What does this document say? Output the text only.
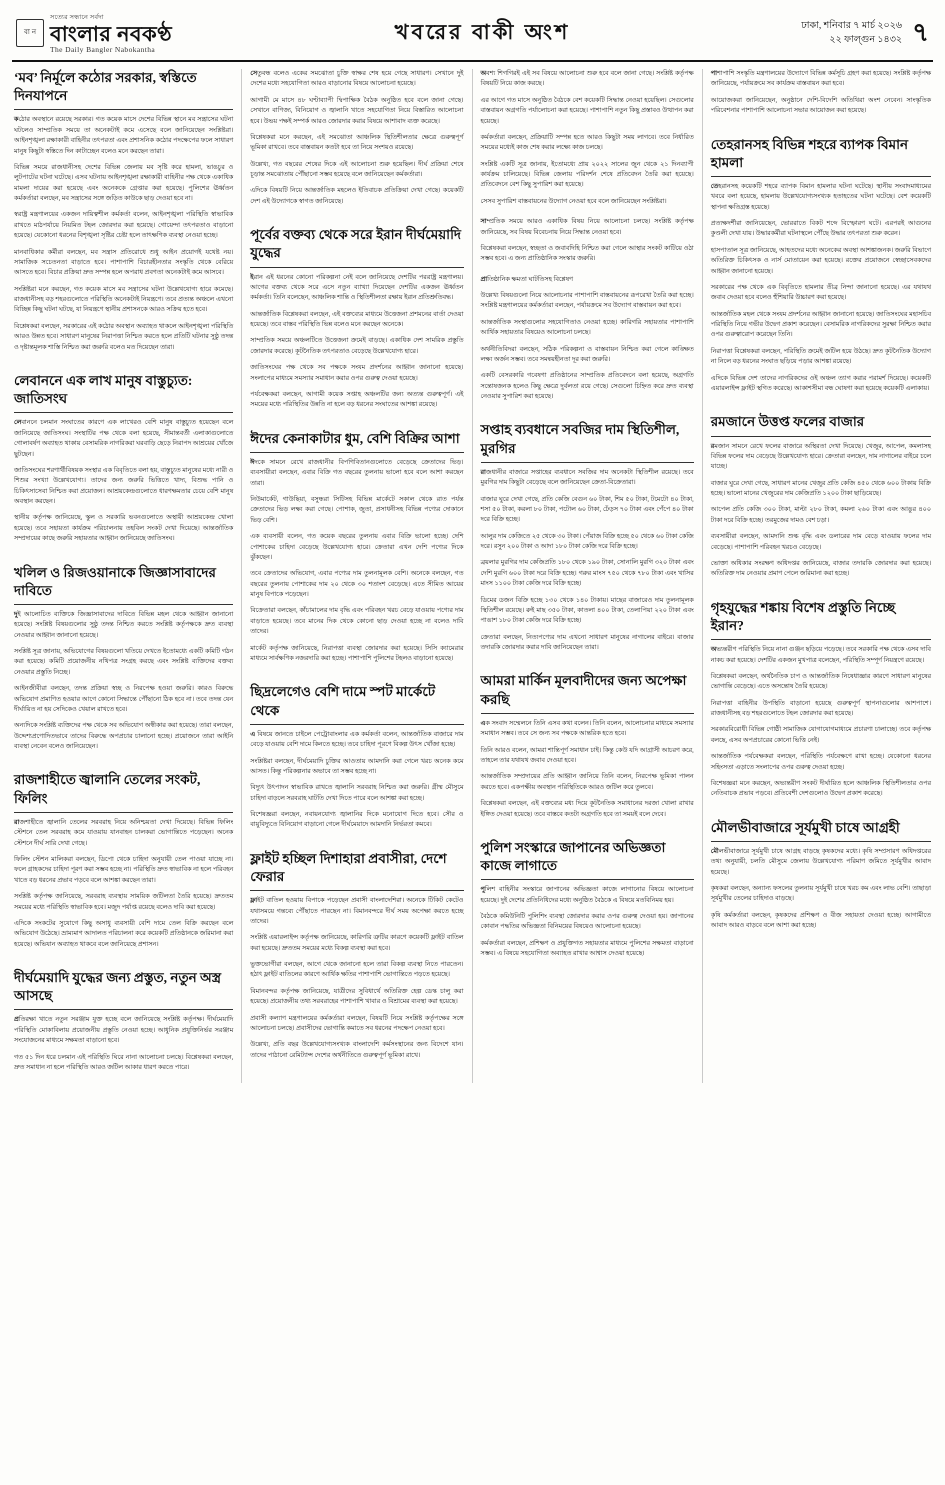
বা ন
সত্যের সন্ধানে সর্বদা
বাংলার নবকণ্ঠ
The Daily Bangler Nabokantha
খবরের বাকী অংশ	ঢাকা, শনিবার ৭ মার্চ ২০২৬
২২ ফাল্গুন ১৪৩২ ৭
‘মব’ নির্মূলে কঠোর সরকার, স্বস্তিতে দিনযাপনে

কঠোর অবস্থানে রয়েছে সরকার। গত কয়েক মাসে দেশের বিভিন্ন স্থানে মব সন্ত্রাসের ঘটনা ঘটলেও সাম্প্রতিক সময়ে তা অনেকটাই কমে এসেছে বলে জানিয়েছেন সংশ্লিষ্টরা। আইনশৃঙ্খলা রক্ষাকারী বাহিনীর তৎপরতা এবং প্রশাসনিক কঠোর পদক্ষেপের ফলে সাধারণ মানুষ কিছুটা স্বস্তিতে দিন কাটাচ্ছেন বলেও মনে করছেন তারা।

বিভিন্ন সময়ে রাজধানীসহ দেশের বিভিন্ন জেলায় মব সৃষ্টি করে হামলা, ভাঙচুর ও লুটপাটের ঘটনা ঘটেছে। এসব ঘটনায় আইনশৃঙ্খলা রক্ষাকারী বাহিনীর পক্ষ থেকে একাধিক মামলা দায়ের করা হয়েছে এবং অনেককে গ্রেপ্তার করা হয়েছে। পুলিশের ঊর্ধ্বতন কর্মকর্তারা বলছেন, মব সন্ত্রাসের সঙ্গে জড়িত কাউকে ছাড় দেওয়া হবে না।

স্বরাষ্ট্র মন্ত্রণালয়ের একজন দায়িত্বশীল কর্মকর্তা বলেন, আইনশৃঙ্খলা পরিস্থিতি স্বাভাবিক রাখতে মাঠপর্যায়ে নিয়মিত টহল জোরদার করা হয়েছে। গোয়েন্দা তৎপরতাও বাড়ানো হয়েছে। যেকোনো ধরনের বিশৃঙ্খলা সৃষ্টির চেষ্টা হলে তাৎক্ষণিক ব্যবস্থা নেওয়া হচ্ছে।

মানবাধিকার কর্মীরা বলছেন, মব সন্ত্রাস প্রতিরোধে শুধু আইন প্রয়োগই যথেষ্ট নয়। সামাজিক সচেতনতা বাড়াতে হবে। পাশাপাশি বিচারহীনতার সংস্কৃতি থেকে বেরিয়ে আসতে হবে। বিচার প্রক্রিয়া দ্রুত সম্পন্ন হলে অপরাধ প্রবণতা অনেকটাই কমে আসবে।

সংশ্লিষ্টরা মনে করছেন, গত কয়েক মাসে মব সন্ত্রাসের ঘটনা উল্লেখযোগ্য হারে কমেছে। রাজধানীসহ বড় শহরগুলোতে পরিস্থিতি অনেকটাই নিয়ন্ত্রণে। তবে প্রত্যন্ত অঞ্চলে এখনো বিচ্ছিন্ন কিছু ঘটনা ঘটছে, যা নিয়ন্ত্রণে স্থানীয় প্রশাসনকে আরও সক্রিয় হতে হবে।

বিশ্লেষকরা বলছেন, সরকারের এই কঠোর অবস্থান অব্যাহত থাকলে আইনশৃঙ্খলা পরিস্থিতি আরও উন্নত হবে। সাধারণ মানুষের নিরাপত্তা নিশ্চিত করতে হলে প্রতিটি ঘটনার সুষ্ঠু তদন্ত ও দৃষ্টান্তমূলক শাস্তি নিশ্চিত করা জরুরি বলেও মত দিয়েছেন তারা।

লেবাননে এক লাখ মানুষ বাস্তুচ্যুত: জাতিসংঘ

লেবাননে চলমান সংঘাতের কারণে এক লাখেরও বেশি মানুষ বাস্তুচ্যুত হয়েছেন বলে জানিয়েছে জাতিসংঘ। সংস্থাটির পক্ষ থেকে বলা হয়েছে, সীমান্তবর্তী এলাকাগুলোতে গোলাবর্ষণ অব্যাহত থাকায় বেসামরিক নাগরিকরা ঘরবাড়ি ছেড়ে নিরাপদ আশ্রয়ের খোঁজে ছুটছেন।

জাতিসংঘের শরণার্থীবিষয়ক সংস্থার এক বিবৃতিতে বলা হয়, বাস্তুচ্যুত মানুষের মধ্যে নারী ও শিশুর সংখ্যা উল্লেখযোগ্য। তাদের জন্য জরুরি ভিত্তিতে খাদ্য, বিশুদ্ধ পানি ও চিকিৎসাসেবা নিশ্চিত করা প্রয়োজন। আশ্রয়কেন্দ্রগুলোতে ধারণক্ষমতার চেয়ে বেশি মানুষ অবস্থান করছেন।

স্থানীয় কর্তৃপক্ষ জানিয়েছে, স্কুল ও সরকারি ভবনগুলোতে অস্থায়ী আশ্রয়কেন্দ্র খোলা হয়েছে। তবে সহায়তা কার্যক্রম পরিচালনায় তহবিল সংকট দেখা দিয়েছে। আন্তর্জাতিক সম্প্রদায়ের কাছে জরুরি সহায়তার আহ্বান জানিয়েছে জাতিসংঘ।

খলিল ও রিজওয়ানাকে জিজ্ঞাসাবাদের দাবিতে

দুই আলোচিত ব্যক্তিকে জিজ্ঞাসাবাদের দাবিতে বিভিন্ন মহল থেকে আহ্বান জানানো হয়েছে। সংশ্লিষ্ট বিষয়গুলোর সুষ্ঠু তদন্ত নিশ্চিত করতে সংশ্লিষ্ট কর্তৃপক্ষকে দ্রুত ব্যবস্থা নেওয়ার আহ্বান জানানো হয়েছে।

সংশ্লিষ্ট সূত্র জানায়, অভিযোগের বিষয়গুলো খতিয়ে দেখতে ইতোমধ্যে একটি কমিটি গঠন করা হয়েছে। কমিটি প্রয়োজনীয় নথিপত্র সংগ্রহ করছে এবং সংশ্লিষ্ট ব্যক্তিদের বক্তব্য নেওয়ার প্রস্তুতি নিচ্ছে।

আইনজীবীরা বলছেন, তদন্ত প্রক্রিয়া স্বচ্ছ ও নিরপেক্ষ হওয়া জরুরি। কারও বিরুদ্ধে অভিযোগ প্রমাণিত হওয়ার আগে কোনো সিদ্ধান্তে পৌঁছানো ঠিক হবে না। তবে তদন্ত যেন দীর্ঘায়িত না হয় সেদিকেও খেয়াল রাখতে হবে।

অন্যদিকে সংশ্লিষ্ট ব্যক্তিদের পক্ষ থেকে সব অভিযোগ অস্বীকার করা হয়েছে। তারা বলছেন, উদ্দেশ্যপ্রণোদিতভাবে তাদের বিরুদ্ধে অপপ্রচার চালানো হচ্ছে। প্রয়োজনে তারা আইনি ব্যবস্থা নেবেন বলেও জানিয়েছেন।

রাজশাহীতে জ্বালানি তেলের সংকট, ফিলিং

রাজশাহীতে জ্বালানি তেলের সরবরাহ নিয়ে অনিশ্চয়তা দেখা দিয়েছে। বিভিন্ন ফিলিং স্টেশনে তেল সরবরাহ কমে যাওয়ায় যানবাহন চালকরা ভোগান্তিতে পড়েছেন। অনেক স্টেশনে দীর্ঘ সারি দেখা গেছে।

ফিলিং স্টেশন মালিকরা বলছেন, ডিপো থেকে চাহিদা অনুযায়ী তেল পাওয়া যাচ্ছে না। ফলে গ্রাহকদের চাহিদা পূরণ করা সম্ভব হচ্ছে না। পরিস্থিতি দ্রুত স্বাভাবিক না হলে পরিবহন খাতে বড় ধরনের প্রভাব পড়বে বলে আশঙ্কা করছেন তারা।

সংশ্লিষ্ট কর্তৃপক্ষ জানিয়েছে, সরবরাহ ব্যবস্থায় সাময়িক জটিলতা তৈরি হয়েছে। দ্রুততম সময়ের মধ্যে পরিস্থিতি স্বাভাবিক হবে। মজুদ পর্যাপ্ত রয়েছে বলেও দাবি করা হয়েছে।

এদিকে সংকটের সুযোগে কিছু অসাধু ব্যবসায়ী বেশি দামে তেল বিক্রি করছেন বলে অভিযোগ উঠেছে। ভ্রাম্যমাণ আদালত পরিচালনা করে কয়েকটি প্রতিষ্ঠানকে জরিমানা করা হয়েছে। অভিযান অব্যাহত থাকবে বলে জানিয়েছে প্রশাসন।

দীর্ঘমেয়াদি যুদ্ধের জন্য প্রস্তুত, নতুন অস্ত্র আসছে

প্রতিরক্ষা খাতে নতুন সরঞ্জাম যুক্ত হচ্ছে বলে জানিয়েছে সংশ্লিষ্ট কর্তৃপক্ষ। দীর্ঘমেয়াদি পরিস্থিতি মোকাবিলায় প্রয়োজনীয় প্রস্তুতি নেওয়া হচ্ছে। আধুনিক প্রযুক্তিনির্ভর সরঞ্জাম সংযোজনের মাধ্যমে সক্ষমতা বাড়ানো হবে।

গত ৫১ দিন ধরে চলমান এই পরিস্থিতি ঘিরে নানা আলোচনা চলছে। বিশ্লেষকরা বলছেন, দ্রুত সমাধান না হলে পরিস্থিতি আরও জটিল আকার ধারণ করতে পারে।

সেতুবন্ধ বলেও একের সমঝোতা চুক্তি স্বাক্ষর শেষ হয়ে গেছে সাধারণ। সেখানে দুই দেশের মধ্যে সহযোগিতা আরও বাড়ানোর বিষয়ে আলোচনা হয়েছে।

আগামী মে মাসে ৪৮ ঘণ্টাব্যাপী দ্বিপাক্ষিক বৈঠক অনুষ্ঠিত হবে বলে জানা গেছে। সেখানে বাণিজ্য, বিনিয়োগ ও জ্বালানি খাতে সহযোগিতা নিয়ে বিস্তারিত আলোচনা হবে। উভয় পক্ষই সম্পর্ক আরও জোরদার করার বিষয়ে আশাবাদ ব্যক্ত করেছে।

বিশ্লেষকরা মনে করছেন, এই সমঝোতা আঞ্চলিক স্থিতিশীলতার ক্ষেত্রে গুরুত্বপূর্ণ ভূমিকা রাখবে। তবে বাস্তবায়ন কতটা হবে তা নিয়ে সংশয়ও রয়েছে।

উল্লেখ্য, গত বছরের শেষের দিকে এই আলোচনা শুরু হয়েছিল। দীর্ঘ প্রক্রিয়া শেষে চূড়ান্ত সমঝোতায় পৌঁছানো সম্ভব হয়েছে বলে জানিয়েছেন কর্মকর্তারা।

এদিকে বিষয়টি নিয়ে আন্তর্জাতিক মহলেও ইতিবাচক প্রতিক্রিয়া দেখা গেছে। কয়েকটি দেশ এই উদ্যোগকে স্বাগত জানিয়েছে।

পূর্বের বক্তব্য থেকে সরে ইরান দীর্ঘমেয়াদি যুদ্ধের

ইরান এই ধরনের কোনো পরিকল্পনা নেই বলে জানিয়েছে দেশটির পররাষ্ট্র মন্ত্রণালয়। আগের বক্তব্য থেকে সরে এসে নতুন ব্যাখ্যা দিয়েছেন দেশটির একজন ঊর্ধ্বতন কর্মকর্তা। তিনি বলেছেন, আঞ্চলিক শান্তি ও স্থিতিশীলতা রক্ষায় ইরান প্রতিশ্রুতিবদ্ধ।

আন্তর্জাতিক বিশ্লেষকরা বলছেন, এই বক্তব্যের মাধ্যমে উত্তেজনা প্রশমনের বার্তা দেওয়া হয়েছে। তবে বাস্তব পরিস্থিতি ভিন্ন বলেও মনে করছেন অনেকে।

সাম্প্রতিক সময়ে অঞ্চলটিতে উত্তেজনা ক্রমেই বাড়ছে। একাধিক দেশ সামরিক প্রস্তুতি জোরদার করেছে। কূটনৈতিক তৎপরতাও বেড়েছে উল্লেখযোগ্য হারে।

জাতিসংঘের পক্ষ থেকে সব পক্ষকে সংযম প্রদর্শনের আহ্বান জানানো হয়েছে। সংলাপের মাধ্যমে সমস্যার সমাধান করার ওপর গুরুত্ব দেওয়া হয়েছে।

পর্যবেক্ষকরা বলছেন, আগামী কয়েক সপ্তাহ অঞ্চলটির জন্য অত্যন্ত গুরুত্বপূর্ণ। এই সময়ের মধ্যে পরিস্থিতির উন্নতি না হলে বড় ধরনের সংঘাতের আশঙ্কা রয়েছে।

ঈদের কেনাকাটার ধুম, বেশি বিক্রির আশা

ঈদকে সামনে রেখে রাজধানীর বিপণিবিতানগুলোতে বেড়েছে ক্রেতাদের ভিড়। ব্যবসায়ীরা বলছেন, এবার বিক্রি গত বছরের তুলনায় ভালো হবে বলে আশা করছেন তারা।

নিউমার্কেট, গাউছিয়া, বসুন্ধরা সিটিসহ বিভিন্ন মার্কেটে সকাল থেকে রাত পর্যন্ত ক্রেতাদের ভিড় লক্ষ্য করা গেছে। পোশাক, জুতা, প্রসাধনীসহ বিভিন্ন পণ্যের দোকানে ভিড় বেশি।

এক ব্যবসায়ী বলেন, গত কয়েক বছরের তুলনায় এবার বিক্রি ভালো হচ্ছে। দেশি পোশাকের চাহিদা বেড়েছে উল্লেখযোগ্য হারে। ক্রেতারা এখন দেশি পণ্যের দিকে ঝুঁকছেন।

তবে ক্রেতাদের অভিযোগ, এবার পণ্যের দাম তুলনামূলক বেশি। অনেকে বলছেন, গত বছরের তুলনায় পোশাকের দাম ২০ থেকে ৩০ শতাংশ বেড়েছে। এতে সীমিত আয়ের মানুষ বিপাকে পড়েছেন।

বিক্রেতারা বলছেন, কাঁচামালের দাম বৃদ্ধি এবং পরিবহন খরচ বেড়ে যাওয়ায় পণ্যের দাম বাড়াতে হয়েছে। তবে মানের দিক থেকে কোনো ছাড় দেওয়া হচ্ছে না বলেও দাবি তাদের।

মার্কেট কর্তৃপক্ষ জানিয়েছে, নিরাপত্তা ব্যবস্থা জোরদার করা হয়েছে। সিসি ক্যামেরার মাধ্যমে সার্বক্ষণিক নজরদারি করা হচ্ছে। পাশাপাশি পুলিশের টহলও বাড়ানো হয়েছে।

ছিদ্রলেগেও বেশি দামে স্পট মার্কেটে থেকে

এ বিষয়ে জানতে চাইলে পেট্রোবাংলার এক কর্মকর্তা বলেন, আন্তর্জাতিক বাজারে দাম বেড়ে যাওয়ায় বেশি দামে কিনতে হচ্ছে। তবে চাহিদা পূরণে বিকল্প উৎস খোঁজা হচ্ছে।

সংশ্লিষ্টরা বলছেন, দীর্ঘমেয়াদি চুক্তির আওতায় আমদানি করা গেলে খরচ অনেক কমে আসত। কিন্তু পরিকল্পনার অভাবে তা সম্ভব হচ্ছে না।

বিদ্যুৎ উৎপাদন স্বাভাবিক রাখতে জ্বালানি সরবরাহ নিশ্চিত করা জরুরি। গ্রীষ্ম মৌসুমে চাহিদা বাড়লে সরবরাহ ঘাটতি দেখা দিতে পারে বলে আশঙ্কা করা হচ্ছে।

বিশেষজ্ঞরা বলছেন, নবায়নযোগ্য জ্বালানির দিকে মনোযোগ দিতে হবে। সৌর ও বায়ুবিদ্যুতে বিনিয়োগ বাড়ানো গেলে দীর্ঘমেয়াদে আমদানি নির্ভরতা কমবে।

ফ্লাইট হচ্ছিল দিশাহারা প্রবাসীরা, দেশে ফেরার

ফ্লাইট বাতিল হওয়ায় বিপাকে পড়েছেন প্রবাসী বাংলাদেশিরা। অনেকে টিকিট কেটেও যথাসময়ে গন্তব্যে পৌঁছাতে পারছেন না। বিমানবন্দরে দীর্ঘ সময় অপেক্ষা করতে হচ্ছে তাদের।

সংশ্লিষ্ট এয়ারলাইন্স কর্তৃপক্ষ জানিয়েছে, কারিগরি ত্রুটির কারণে কয়েকটি ফ্লাইট বাতিল করা হয়েছে। দ্রুততম সময়ের মধ্যে বিকল্প ব্যবস্থা করা হবে।

ভুক্তভোগীরা বলছেন, আগে থেকে জানানো হলে তারা বিকল্প ব্যবস্থা নিতে পারতেন। হঠাৎ ফ্লাইট বাতিলের কারণে আর্থিক ক্ষতির পাশাপাশি ভোগান্তিতে পড়তে হয়েছে।

বিমানবন্দর কর্তৃপক্ষ জানিয়েছে, যাত্রীদের সুবিধার্থে অতিরিক্ত হেল্প ডেস্ক চালু করা হয়েছে। প্রয়োজনীয় তথ্য সরবরাহের পাশাপাশি খাবার ও বিশ্রামের ব্যবস্থা করা হয়েছে।

প্রবাসী কল্যাণ মন্ত্রণালয়ের কর্মকর্তারা বলছেন, বিষয়টি নিয়ে সংশ্লিষ্ট কর্তৃপক্ষের সঙ্গে আলোচনা চলছে। প্রবাসীদের ভোগান্তি কমাতে সব ধরনের পদক্ষেপ নেওয়া হবে।

উল্লেখ্য, প্রতি বছর উল্লেখযোগ্যসংখ্যক বাংলাদেশি কর্মসংস্থানের জন্য বিদেশে যান। তাদের পাঠানো রেমিট্যান্স দেশের অর্থনীতিতে গুরুত্বপূর্ণ ভূমিকা রাখে।

অবশ্য শিগগিরই এই সব বিষয়ে আলোচনা শুরু হবে বলে জানা গেছে। সংশ্লিষ্ট কর্তৃপক্ষ বিষয়টি নিয়ে কাজ করছে।

এর আগে গত মাসে অনুষ্ঠিত বৈঠকে বেশ কয়েকটি সিদ্ধান্ত নেওয়া হয়েছিল। সেগুলোর বাস্তবায়ন অগ্রগতি পর্যালোচনা করা হয়েছে। পাশাপাশি নতুন কিছু প্রস্তাবও উত্থাপন করা হয়েছে।

কর্মকর্তারা বলছেন, প্রক্রিয়াটি সম্পন্ন হতে আরও কিছুটা সময় লাগবে। তবে নির্ধারিত সময়ের মধ্যেই কাজ শেষ করার লক্ষ্যে কাজ চলছে।

সংশ্লিষ্ট একটি সূত্র জানায়, ইতোমধ্যে প্রায় ২০২২ সালের জুন থেকে ২১ দিনব্যাপী কার্যক্রম চালিয়েছে। বিভিন্ন জেলায় পরিদর্শন শেষে প্রতিবেদন তৈরি করা হয়েছে। প্রতিবেদনে বেশ কিছু সুপারিশ করা হয়েছে।

সেসব সুপারিশ বাস্তবায়নের উদ্যোগ নেওয়া হবে বলে জানিয়েছেন সংশ্লিষ্টরা।

সাম্প্রতিক সময়ে আরও একাধিক বিষয় নিয়ে আলোচনা চলছে। সংশ্লিষ্ট কর্তৃপক্ষ জানিয়েছে, সব বিষয় বিবেচনায় নিয়ে সিদ্ধান্ত নেওয়া হবে।

বিশ্লেষকরা বলছেন, স্বচ্ছতা ও জবাবদিহি নিশ্চিত করা গেলে আস্থার সংকট কাটিয়ে ওঠা সম্ভব হবে। এ জন্য প্রাতিষ্ঠানিক সংস্কার জরুরি।

প্রাতিষ্ঠানিক ক্ষমতা ঘাটতিসহ বিশ্লেষণ

উল্লেখ্য বিষয়গুলো নিয়ে আলোচনার পাশাপাশি বাস্তবায়নের রূপরেখা তৈরি করা হচ্ছে। সংশ্লিষ্ট মন্ত্রণালয়ের কর্মকর্তারা বলছেন, পর্যায়ক্রমে সব উদ্যোগ বাস্তবায়ন করা হবে।

আন্তর্জাতিক সংস্থাগুলোর সহযোগিতাও নেওয়া হচ্ছে। কারিগরি সহায়তার পাশাপাশি আর্থিক সহায়তার বিষয়েও আলোচনা চলছে।

অর্থনীতিবিদরা বলছেন, সঠিক পরিকল্পনা ও বাস্তবায়ন নিশ্চিত করা গেলে কাঙ্ক্ষিত লক্ষ্য অর্জন সম্ভব। তবে সমন্বয়হীনতা দূর করা জরুরি।

একটি বেসরকারি গবেষণা প্রতিষ্ঠানের সাম্প্রতিক প্রতিবেদনে বলা হয়েছে, অগ্রগতি সন্তোষজনক হলেও কিছু ক্ষেত্রে দুর্বলতা রয়ে গেছে। সেগুলো চিহ্নিত করে দ্রুত ব্যবস্থা নেওয়ার সুপারিশ করা হয়েছে।

সপ্তাহ ব্যবধানে সবজির দাম স্থিতিশীল, মুরগির

রাজধানীর বাজারে সপ্তাহের ব্যবধানে সবজির দাম অনেকটা স্থিতিশীল রয়েছে। তবে মুরগির দাম কিছুটা বেড়েছে বলে জানিয়েছেন ক্রেতা-বিক্রেতারা।

বাজার ঘুরে দেখা গেছে, প্রতি কেজি বেগুন ৬০ টাকা, শিম ৫০ টাকা, টমেটো ৪০ টাকা, শসা ৫০ টাকা, করলা ৮০ টাকা, পটোল ৬০ টাকা, ঢেঁড়স ৭০ টাকা এবং পেঁপে ৪০ টাকা দরে বিক্রি হচ্ছে।

আলুর দাম কেজিতে ২৫ থেকে ৩০ টাকা। পেঁয়াজ বিক্রি হচ্ছে ৫০ থেকে ৬০ টাকা কেজি দরে। রসুন ২০০ টাকা ও আদা ১৮০ টাকা কেজি দরে বিক্রি হচ্ছে।

ব্রয়লার মুরগির দাম কেজিপ্রতি ১৮০ থেকে ১৯০ টাকা, সোনালি মুরগি ৩২০ টাকা এবং দেশি মুরগি ৬০০ টাকা দরে বিক্রি হচ্ছে। গরুর মাংস ৭৫০ থেকে ৭৮০ টাকা এবং খাসির মাংস ১১০০ টাকা কেজি দরে বিক্রি হচ্ছে।

ডিমের ডজন বিক্রি হচ্ছে ১৩০ থেকে ১৪০ টাকায়। মাছের বাজারেও দাম তুলনামূলক স্থিতিশীল রয়েছে। রুই মাছ ৩৫০ টাকা, কাতলা ৪০০ টাকা, তেলাপিয়া ২২০ টাকা এবং পাঙাশ ১৮০ টাকা কেজি দরে বিক্রি হচ্ছে।

ক্রেতারা বলছেন, নিত্যপণ্যের দাম এখনো সাধারণ মানুষের নাগালের বাইরে। বাজার তদারকি জোরদার করার দাবি জানিয়েছেন তারা।

আমরা মার্কিন মূলবাদীদের জন্য অপেক্ষা করছি

এক সংবাদ সম্মেলনে তিনি এসব কথা বলেন। তিনি বলেন, আলোচনার মাধ্যমে সমস্যার সমাধান সম্ভব। তবে সে জন্য সব পক্ষকে আন্তরিক হতে হবে।

তিনি আরও বলেন, আমরা শান্তিপূর্ণ সমাধান চাই। কিন্তু কেউ যদি আগ্রাসী আচরণ করে, তাহলে তার যথাযথ জবাব দেওয়া হবে।

আন্তর্জাতিক সম্প্রদায়ের প্রতি আহ্বান জানিয়ে তিনি বলেন, নিরপেক্ষ ভূমিকা পালন করতে হবে। একপক্ষীয় অবস্থান পরিস্থিতিকে আরও জটিল করে তুলবে।

বিশ্লেষকরা বলছেন, এই বক্তব্যের মধ্য দিয়ে কূটনৈতিক সমাধানের দরজা খোলা রাখার ইঙ্গিত দেওয়া হয়েছে। তবে বাস্তবে কতটা অগ্রগতি হবে তা সময়ই বলে দেবে।

পুলিশ সংস্কারে জাপানের অভিজ্ঞতা কাজে লাগাতে

পুলিশ বাহিনীর সংস্কারে জাপানের অভিজ্ঞতা কাজে লাগানোর বিষয়ে আলোচনা হয়েছে। দুই দেশের প্রতিনিধিদের মধ্যে অনুষ্ঠিত বৈঠকে এ বিষয়ে মতবিনিময় হয়।

বৈঠকে কমিউনিটি পুলিশিং ব্যবস্থা জোরদার করার ওপর গুরুত্ব দেওয়া হয়। জাপানের কোবান পদ্ধতির অভিজ্ঞতা বিনিময়ের বিষয়েও আলোচনা হয়েছে।

কর্মকর্তারা বলছেন, প্রশিক্ষণ ও প্রযুক্তিগত সহায়তার মাধ্যমে পুলিশের সক্ষমতা বাড়ানো সম্ভব। এ বিষয়ে সহযোগিতা অব্যাহত রাখার আশ্বাস দেওয়া হয়েছে।

পাশাপাশি সংস্কৃতি মন্ত্রণালয়ের উদ্যোগে বিভিন্ন কর্মসূচি গ্রহণ করা হয়েছে। সংশ্লিষ্ট কর্তৃপক্ষ জানিয়েছে, পর্যায়ক্রমে সব কার্যক্রম বাস্তবায়ন করা হবে।

আয়োজকরা জানিয়েছেন, অনুষ্ঠানে দেশি-বিদেশি অতিথিরা অংশ নেবেন। সাংস্কৃতিক পরিবেশনার পাশাপাশি আলোচনা সভার আয়োজন করা হয়েছে।

তেহরানসহ বিভিন্ন শহরে ব্যাপক বিমান হামলা

তেহরানসহ কয়েকটি শহরে ব্যাপক বিমান হামলার ঘটনা ঘটেছে। স্থানীয় সংবাদমাধ্যমের খবরে বলা হয়েছে, হামলায় উল্লেখযোগ্যসংখ্যক হতাহতের ঘটনা ঘটেছে। বেশ কয়েকটি স্থাপনা ক্ষতিগ্রস্ত হয়েছে।

প্রত্যক্ষদর্শীরা জানিয়েছেন, ভোররাতে বিকট শব্দে বিস্ফোরণ ঘটে। এরপরই আগুনের কুণ্ডলী দেখা যায়। উদ্ধারকর্মীরা ঘটনাস্থলে পৌঁছে উদ্ধার তৎপরতা শুরু করেন।

হাসপাতাল সূত্র জানিয়েছে, আহতদের মধ্যে অনেকের অবস্থা আশঙ্কাজনক। জরুরি বিভাগে অতিরিক্ত চিকিৎসক ও নার্স মোতায়েন করা হয়েছে। রক্তের প্রয়োজনে স্বেচ্ছাসেবকদের আহ্বান জানানো হয়েছে।

সরকারের পক্ষ থেকে এক বিবৃতিতে হামলার তীব্র নিন্দা জানানো হয়েছে। এর যথাযথ জবাব দেওয়া হবে বলেও হুঁশিয়ারি উচ্চারণ করা হয়েছে।

আন্তর্জাতিক মহল থেকে সংযম প্রদর্শনের আহ্বান জানানো হয়েছে। জাতিসংঘের মহাসচিব পরিস্থিতি নিয়ে গভীর উদ্বেগ প্রকাশ করেছেন। বেসামরিক নাগরিকদের সুরক্ষা নিশ্চিত করার ওপর গুরুত্বারোপ করেছেন তিনি।

নিরাপত্তা বিশ্লেষকরা বলছেন, পরিস্থিতি ক্রমেই জটিল হয়ে উঠছে। দ্রুত কূটনৈতিক উদ্যোগ না নিলে বড় ধরনের সংঘাত ছড়িয়ে পড়ার আশঙ্কা রয়েছে।

এদিকে বিভিন্ন দেশ তাদের নাগরিকদের ওই অঞ্চল ত্যাগ করার পরামর্শ দিয়েছে। কয়েকটি এয়ারলাইন্স ফ্লাইট স্থগিত করেছে। আকাশসীমা বন্ধ ঘোষণা করা হয়েছে কয়েকটি এলাকায়।

রমজানে উত্তপ্ত ফলের বাজার

রমজান সামনে রেখে ফলের বাজারে অস্থিরতা দেখা দিয়েছে। খেজুর, আপেল, কমলাসহ বিভিন্ন ফলের দাম বেড়েছে উল্লেখযোগ্য হারে। ক্রেতারা বলছেন, দাম নাগালের বাইরে চলে যাচ্ছে।

বাজার ঘুরে দেখা গেছে, সাধারণ মানের খেজুর প্রতি কেজি ৪৫০ থেকে ৬০০ টাকায় বিক্রি হচ্ছে। ভালো মানের খেজুরের দাম কেজিপ্রতি ১২০০ টাকা ছাড়িয়েছে।

আপেল প্রতি কেজি ৩০০ টাকা, মাল্টা ২৮০ টাকা, কমলা ২৬০ টাকা এবং আঙুর ৪০০ টাকা দরে বিক্রি হচ্ছে। তরমুজের দামও বেশ চড়া।

ব্যবসায়ীরা বলছেন, আমদানি শুল্ক বৃদ্ধি এবং ডলারের দাম বেড়ে যাওয়ায় ফলের দাম বেড়েছে। পাশাপাশি পরিবহন খরচও বেড়েছে।

ভোক্তা অধিকার সংরক্ষণ অধিদপ্তর জানিয়েছে, বাজার তদারকি জোরদার করা হয়েছে। অতিরিক্ত দাম নেওয়ার প্রমাণ পেলে জরিমানা করা হচ্ছে।

গৃহযুদ্ধের শঙ্কায় বিশেষ প্রস্তুতি নিচ্ছে ইরান?

অভ্যন্তরীণ পরিস্থিতি নিয়ে নানা গুঞ্জন ছড়িয়ে পড়েছে। তবে সরকারি পক্ষ থেকে এসব দাবি নাকচ করা হয়েছে। দেশটির একজন মুখপাত্র বলেছেন, পরিস্থিতি সম্পূর্ণ নিয়ন্ত্রণে রয়েছে।

বিশ্লেষকরা বলছেন, অর্থনৈতিক চাপ ও আন্তর্জাতিক নিষেধাজ্ঞার কারণে সাধারণ মানুষের ভোগান্তি বেড়েছে। এতে অসন্তোষ তৈরি হয়েছে।

নিরাপত্তা বাহিনীর উপস্থিতি বাড়ানো হয়েছে গুরুত্বপূর্ণ স্থাপনাগুলোর আশপাশে। রাজধানীসহ বড় শহরগুলোতে টহল জোরদার করা হয়েছে।

সরকারবিরোধী বিভিন্ন গোষ্ঠী সামাজিক যোগাযোগমাধ্যমে প্রচারণা চালাচ্ছে। তবে কর্তৃপক্ষ বলছে, এসব অপপ্রচারের কোনো ভিত্তি নেই।

আন্তর্জাতিক পর্যবেক্ষকরা বলছেন, পরিস্থিতি পর্যবেক্ষণে রাখা হচ্ছে। যেকোনো ধরনের সহিংসতা এড়াতে সংলাপের ওপর গুরুত্ব দেওয়া হচ্ছে।

বিশেষজ্ঞরা মনে করছেন, অভ্যন্তরীণ সংকট দীর্ঘায়িত হলে আঞ্চলিক স্থিতিশীলতার ওপর নেতিবাচক প্রভাব পড়বে। প্রতিবেশী দেশগুলোও উদ্বেগ প্রকাশ করেছে।

মৌলভীবাজারে সূর্যমুখী চাষে আগ্রহী

মৌলভীবাজারে সূর্যমুখী চাষে আগ্রহ বাড়ছে কৃষকদের মধ্যে। কৃষি সম্প্রসারণ অধিদপ্তরের তথ্য অনুযায়ী, চলতি মৌসুমে জেলায় উল্লেখযোগ্য পরিমাণ জমিতে সূর্যমুখীর আবাদ হয়েছে।

কৃষকরা বলছেন, অন্যান্য ফসলের তুলনায় সূর্যমুখী চাষে খরচ কম এবং লাভ বেশি। তাছাড়া সূর্যমুখীর তেলের চাহিদাও বাড়ছে।

কৃষি কর্মকর্তারা বলছেন, কৃষকদের প্রশিক্ষণ ও বীজ সহায়তা দেওয়া হচ্ছে। আগামীতে আবাদ আরও বাড়বে বলে আশা করা হচ্ছে।
